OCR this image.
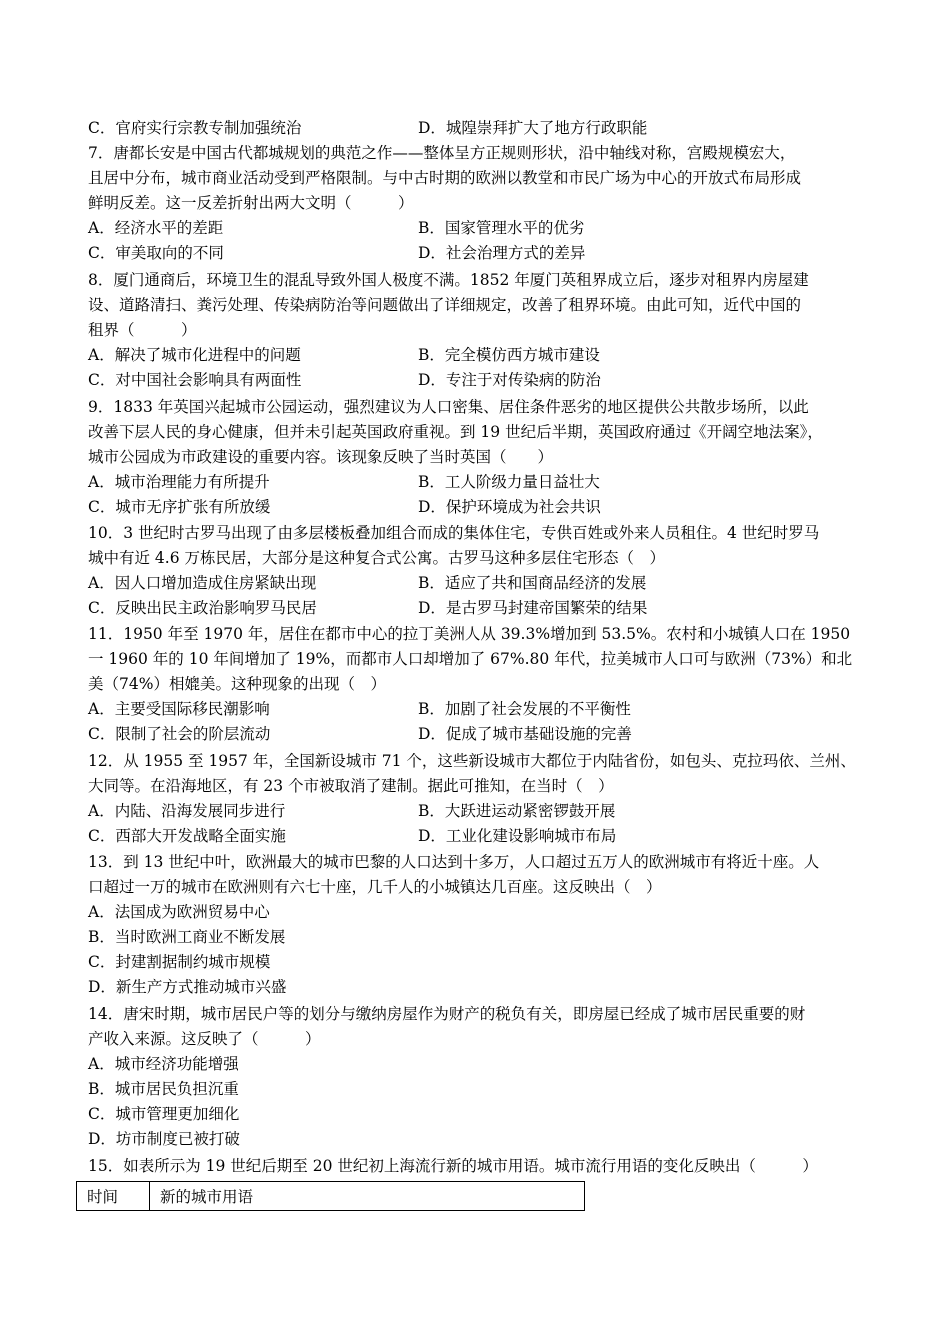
C．官府实行宗教专制加强统治	D．城隍崇拜扩大了地方行政职能
7．唐都长安是中国古代都城规划的典范之作——整体呈方正规则形状，沿中轴线对称，宫殿规模宏大，
且居中分布，城市商业活动受到严格限制。与中古时期的欧洲以教堂和市民广场为中心的开放式布局形成
鲜明反差。这一反差折射出两大文明（　　　）
A．经济水平的差距	B．国家管理水平的优劣
C．审美取向的不同	D．社会治理方式的差异
8．厦门通商后，环境卫生的混乱导致外国人极度不满。1852 年厦门英租界成立后，逐步对租界内房屋建
设、道路清扫、粪污处理、传染病防治等问题做出了详细规定，改善了租界环境。由此可知，近代中国的
租界（　　　）
A．解决了城市化进程中的问题	B．完全模仿西方城市建设
C．对中国社会影响具有两面性	D．专注于对传染病的防治
9．1833 年英国兴起城市公园运动，强烈建议为人口密集、居住条件恶劣的地区提供公共散步场所，以此
改善下层人民的身心健康，但并未引起英国政府重视。到 19 世纪后半期，英国政府通过《开阔空地法案》，
城市公园成为市政建设的重要内容。该现象反映了当时英国（　　）
A．城市治理能力有所提升	B．工人阶级力量日益壮大
C．城市无序扩张有所放缓	D．保护环境成为社会共识
10．3 世纪时古罗马出现了由多层楼板叠加组合而成的集体住宅，专供百姓或外来人员租住。4 世纪时罗马
城中有近 4.6 万栋民居，大部分是这种复合式公寓。古罗马这种多层住宅形态（　）
A．因人口增加造成住房紧缺出现	B．适应了共和国商品经济的发展
C．反映出民主政治影响罗马民居	D．是古罗马封建帝国繁荣的结果
11．1950 年至 1970 年，居住在都市中心的拉丁美洲人从 39.3%增加到 53.5%。农村和小城镇人口在 1950
一 1960 年的 10 年间增加了 19%，而都市人口却增加了 67%.80 年代，拉美城市人口可与欧洲（73%）和北
美（74%）相媲美。这种现象的出现（　）
A．主要受国际移民潮影响	B．加剧了社会发展的不平衡性
C．限制了社会的阶层流动	D．促成了城市基础设施的完善
12．从 1955 至 1957 年，全国新设城市 71 个，这些新设城市大都位于内陆省份，如包头、克拉玛依、兰州、
大同等。在沿海地区，有 23 个市被取消了建制。据此可推知，在当时（　）
A．内陆、沿海发展同步进行	B．大跃进运动紧密锣鼓开展
C．西部大开发战略全面实施	D．工业化建设影响城市布局
13．到 13 世纪中叶，欧洲最大的城市巴黎的人口达到十多万，人口超过五万人的欧洲城市有将近十座。人
口超过一万的城市在欧洲则有六七十座，几千人的小城镇达几百座。这反映出（　）
A．法国成为欧洲贸易中心
B．当时欧洲工商业不断发展
C．封建割据制约城市规模
D．新生产方式推动城市兴盛
14．唐宋时期，城市居民户等的划分与缴纳房屋作为财产的税负有关，即房屋已经成了城市居民重要的财
产收入来源。这反映了（　　　）
A．城市经济功能增强
B．城市居民负担沉重
C．城市管理更加细化
D．坊市制度已被打破
15．如表所示为 19 世纪后期至 20 世纪初上海流行新的城市用语。城市流行用语的变化反映出（　　　）
时间	新的城市用语
